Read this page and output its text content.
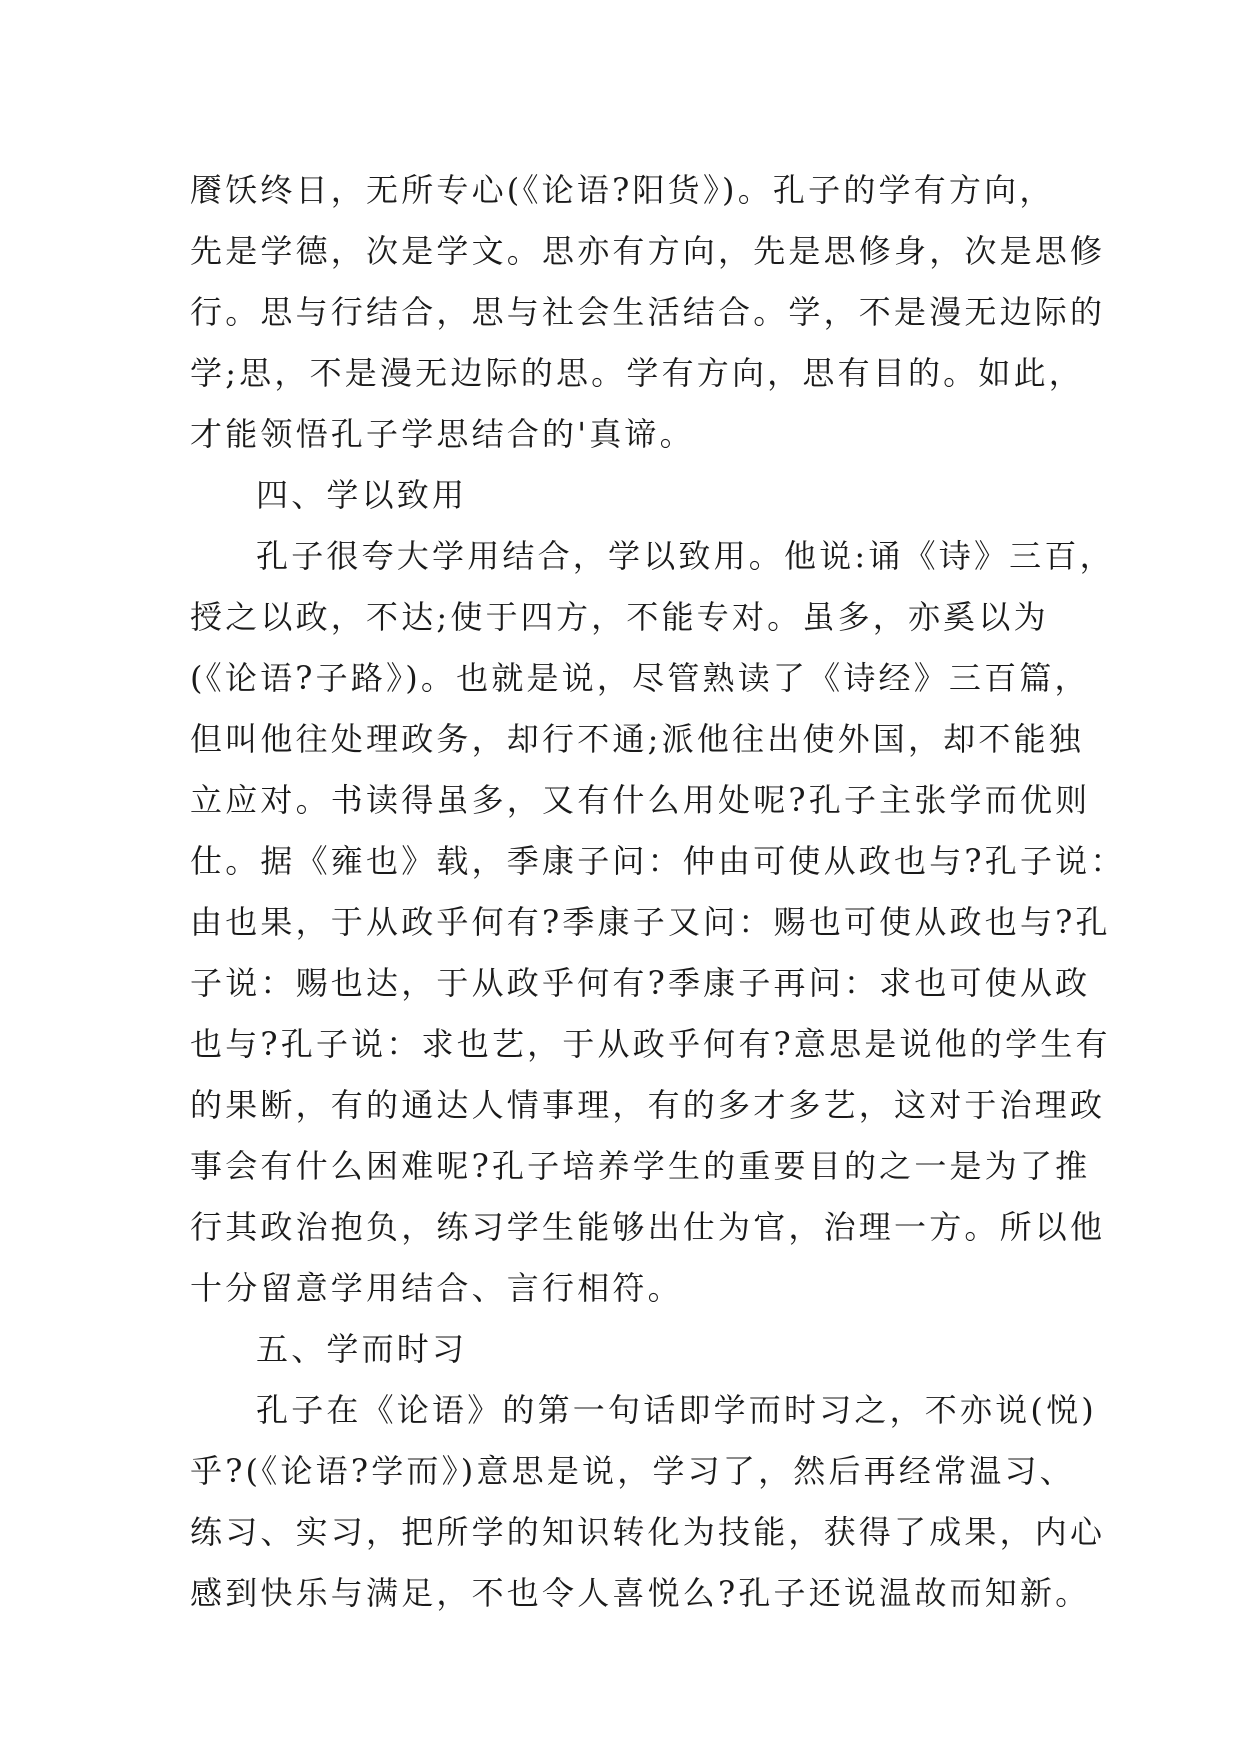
餍饫终日，无所专心(《论语?阳货》)。孔子的学有方向，
先是学德，次是学文。思亦有方向，先是思修身，次是思修
行。思与行结合，思与社会生活结合。学，不是漫无边际的
学;思，不是漫无边际的思。学有方向，思有目的。如此，
才能领悟孔子学思结合的'真谛。
四、学以致用
孔子很夸大学用结合，学以致用。他说:诵《诗》三百，
授之以政，不达;使于四方，不能专对。虽多，亦奚以为
(《论语?子路》)。也就是说，尽管熟读了《诗经》三百篇，
但叫他往处理政务，却行不通;派他往出使外国，却不能独
立应对。书读得虽多，又有什么用处呢?孔子主张学而优则
仕。据《雍也》载，季康子问：仲由可使从政也与?孔子说：
由也果，于从政乎何有?季康子又问：赐也可使从政也与?孔
子说：赐也达，于从政乎何有?季康子再问：求也可使从政
也与?孔子说：求也艺，于从政乎何有?意思是说他的学生有
的果断，有的通达人情事理，有的多才多艺，这对于治理政
事会有什么困难呢?孔子培养学生的重要目的之一是为了推
行其政治抱负，练习学生能够出仕为官，治理一方。所以他
十分留意学用结合、言行相符。
五、学而时习
孔子在《论语》的第一句话即学而时习之，不亦说(悦)
乎?(《论语?学而》)意思是说，学习了，然后再经常温习、
练习、实习，把所学的知识转化为技能，获得了成果，内心
感到快乐与满足，不也令人喜悦么?孔子还说温故而知新。
